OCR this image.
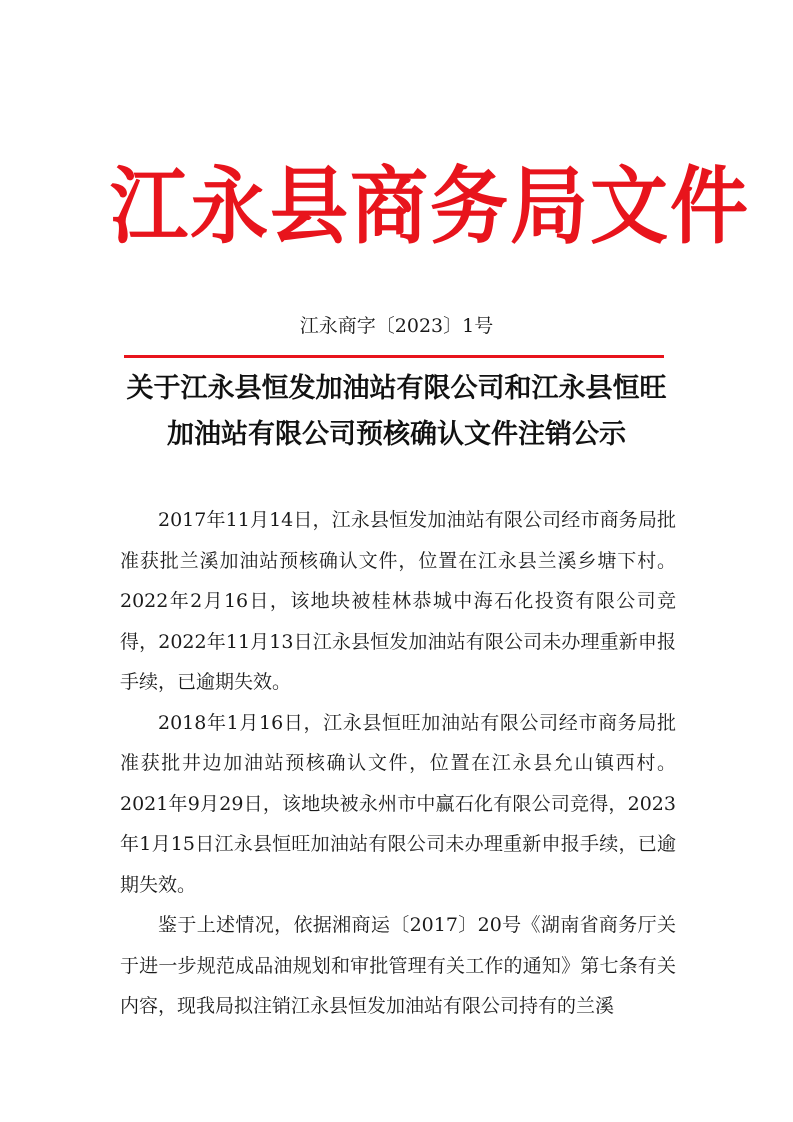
江永县商务局文件
江永商字〔2023〕1号
关于江永县恒发加油站有限公司和江永县恒旺
加油站有限公司预核确认文件注销公示

2017年11月14日，江永县恒发加油站有限公司经市商务局批准获批兰溪加油站预核确认文件，位置在江永县兰溪乡塘下村。2022年2月16日，该地块被桂林恭城中海石化投资有限公司竞得，2022年11月13日江永县恒发加油站有限公司未办理重新申报手续，已逾期失效。

2018年1月16日，江永县恒旺加油站有限公司经市商务局批准获批井边加油站预核确认文件，位置在江永县允山镇西村。2021年9月29日，该地块被永州市中赢石化有限公司竞得，2023年1月15日江永县恒旺加油站有限公司未办理重新申报手续，已逾期失效。

鉴于上述情况，依据湘商运〔2017〕20号《湖南省商务厅关于进一步规范成品油规划和审批管理有关工作的通知》第七条有关内容，现我局拟注销江永县恒发加油站有限公司持有的兰溪
